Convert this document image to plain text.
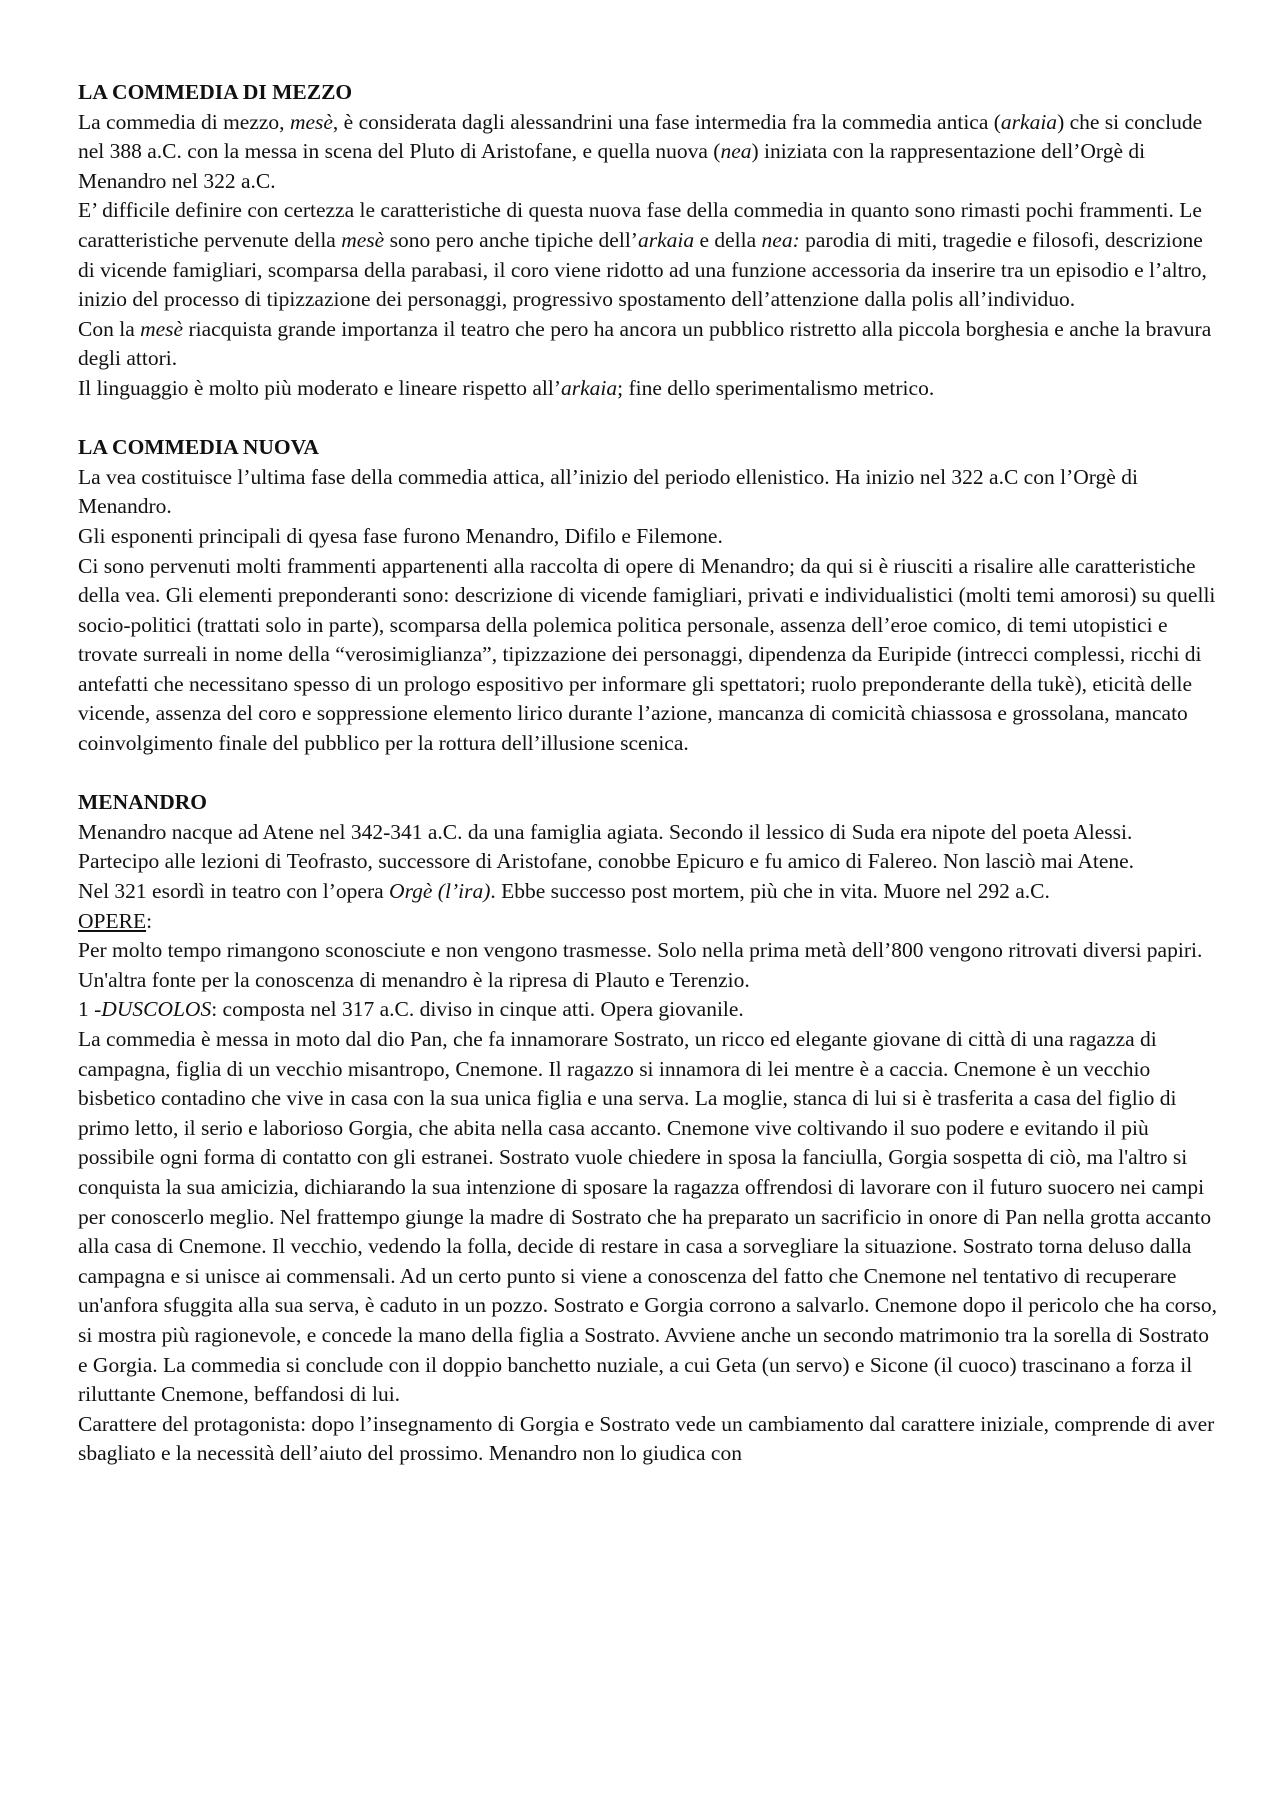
LA COMMEDIA DI MEZZO

La commedia di mezzo, mesè, è considerata dagli alessandrini una fase intermedia fra la commedia antica (arkaia) che si conclude nel 388 a.C. con la messa in scena del Pluto di Aristofane, e quella nuova (nea) iniziata con la rappresentazione dell’Orgè di Menandro nel 322 a.C.

E’ difficile definire con certezza le caratteristiche di questa nuova fase della commedia in quanto sono rimasti pochi frammenti. Le caratteristiche pervenute della mesè sono pero anche tipiche dell’arkaia e della nea: parodia di miti, tragedie e filosofi, descrizione di vicende famigliari, scomparsa della parabasi, il coro viene ridotto ad una funzione accessoria da inserire tra un episodio e l’altro, inizio del processo di tipizzazione dei personaggi, progressivo spostamento dell’attenzione dalla polis all’individuo.

Con la mesè riacquista grande importanza il teatro che pero ha ancora un pubblico ristretto alla piccola borghesia e anche la bravura degli attori.

Il linguaggio è molto più moderato e lineare rispetto all’arkaia; fine dello sperimentalismo metrico.

LA COMMEDIA NUOVA

La vea costituisce l’ultima fase della commedia attica, all’inizio del periodo ellenistico. Ha inizio nel 322 a.C con l’Orgè di Menandro.

Gli esponenti principali di qyesa fase furono Menandro, Difilo e Filemone.

Ci sono pervenuti molti frammenti appartenenti alla raccolta di opere di Menandro; da qui si è riusciti a risalire alle caratteristiche della vea. Gli elementi preponderanti sono: descrizione di vicende famigliari, privati e individualistici (molti temi amorosi) su quelli socio-politici (trattati solo in parte), scomparsa della polemica politica personale, assenza dell’eroe comico, di temi utopistici e trovate surreali in nome della “verosimiglianza”, tipizzazione dei personaggi, dipendenza da Euripide (intrecci complessi, ricchi di antefatti che necessitano spesso di un prologo espositivo per informare gli spettatori; ruolo preponderante della tukè), eticità delle vicende, assenza del coro e soppressione elemento lirico durante l’azione, mancanza di comicità chiassosa e grossolana, mancato coinvolgimento finale del pubblico per la rottura dell’illusione scenica.

MENANDRO

Menandro nacque ad Atene nel 342-341 a.C. da una famiglia agiata. Secondo il lessico di Suda era nipote del poeta Alessi. Partecipo alle lezioni di Teofrasto, successore di Aristofane, conobbe Epicuro e fu amico di Falereo. Non lasciò mai Atene.

Nel 321 esordì in teatro con l’opera Orgè (l’ira). Ebbe successo post mortem, più che in vita. Muore nel 292 a.C.

OPERE:

Per molto tempo rimangono sconosciute e non vengono trasmesse. Solo nella prima metà dell’800 vengono ritrovati diversi papiri. Un'altra fonte per la conoscenza di menandro è la ripresa di Plauto e Terenzio.

1 -DUSCOLOS: composta nel 317 a.C. diviso in cinque atti. Opera giovanile.

La commedia è messa in moto dal dio Pan, che fa innamorare Sostrato, un ricco ed elegante giovane di città di una ragazza di campagna, figlia di un vecchio misantropo, Cnemone. Il ragazzo si innamora di lei mentre è a caccia. Cnemone è un vecchio bisbetico contadino che vive in casa con la sua unica figlia e una serva. La moglie, stanca di lui si è trasferita a casa del figlio di primo letto, il serio e laborioso Gorgia, che abita nella casa accanto. Cnemone vive coltivando il suo podere e evitando il più possibile ogni forma di contatto con gli estranei. Sostrato vuole chiedere in sposa la fanciulla, Gorgia sospetta di ciò, ma l'altro si conquista la sua amicizia, dichiarando la sua intenzione di sposare la ragazza offrendosi di lavorare con il futuro suocero nei campi per conoscerlo meglio. Nel frattempo giunge la madre di Sostrato che ha preparato un sacrificio in onore di Pan nella grotta accanto alla casa di Cnemone. Il vecchio, vedendo la folla, decide di restare in casa a sorvegliare la situazione. Sostrato torna deluso dalla campagna e si unisce ai commensali. Ad un certo punto si viene a conoscenza del fatto che Cnemone nel tentativo di recuperare un'anfora sfuggita alla sua serva, è caduto in un pozzo. Sostrato e Gorgia corrono a salvarlo. Cnemone dopo il pericolo che ha corso, si mostra più ragionevole, e concede la mano della figlia a Sostrato. Avviene anche un secondo matrimonio tra la sorella di Sostrato e Gorgia. La commedia si conclude con il doppio banchetto nuziale, a cui Geta (un servo) e Sicone (il cuoco) trascinano a forza il riluttante Cnemone, beffandosi di lui.

Carattere del protagonista: dopo l’insegnamento di Gorgia e Sostrato vede un cambiamento dal carattere iniziale, comprende di aver sbagliato e la necessità dell’aiuto del prossimo. Menandro non lo giudica con
